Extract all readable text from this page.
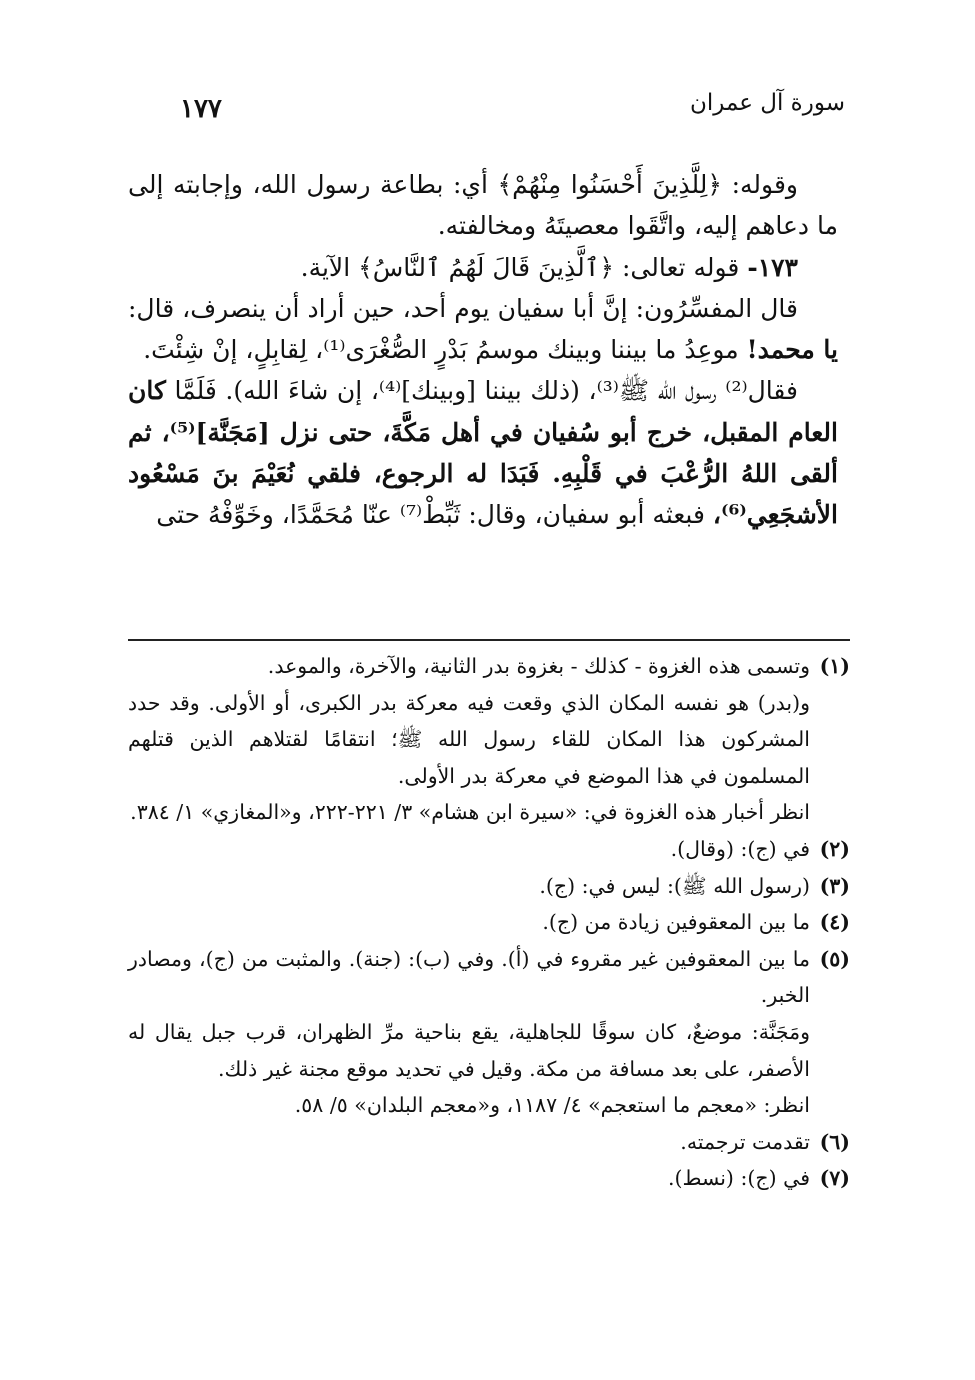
سورة آل عمران
١٧٧

وقوله: ﴿لِلَّذِينَ أَحْسَنُوا مِنْهُمْ﴾ أي: بطاعة رسول الله، وإجابته إلى ما دعاهم إليه، واتَّقَوا معصيتَهُ ومخالفته.

١٧٣- قوله تعالى: ﴿ٱلَّذِينَ قَالَ لَهُمُ ٱلنَّاسُ﴾ الآية.

قال المفسِّرُون: إنَّ أبا سفيان يوم أحد، حين أراد أن ينصرف، قال: يا محمد! موعِدُ ما بيننا وبينك موسمُ بَدْرٍ الصُّغْرَى⁽¹⁾، لِقابِلٍ، إنْ شِئْتَ.

فقال⁽²⁾ رسول الله ﷺ⁽³⁾، (ذلك بيننا [وبينك]⁽⁴⁾، إن شاءَ الله). فَلَمَّا كان العام المقبل، خرج أبو سُفيان في أهل مَكَّةَ، حتى نزل [مَجَنَّة]⁽⁵⁾، ثم ألقى اللهُ الرُّعْبَ في قَلْبِهِ. فَبَدَا له الرجوع، فلقي نُعَيْمَ بنَ مَسْعُود الأشجَعِي⁽⁶⁾، فبعثه أبو سفيان، وقال: ثَبِّطْ⁽⁷⁾ عنّا مُحَمَّدًا، وخَوِّفْهُ حتى

(١)
وتسمى هذه الغزوة - كذلك - بغزوة بدر الثانية، والآخرة، والموعد.
و(بدر) هو نفسه المكان الذي وقعت فيه معركة بدر الكبرى، أو الأولى. وقد حدد المشركون هذا المكان للقاء رسول الله ﷺ؛ انتقامًا لقتلاهم الذين قتلهم المسلمون في هذا الموضع في معركة بدر الأولى.
انظر أخبار هذه الغزوة في: «سيرة ابن هشام» ٣/ ٢٢١-٢٢٢، و«المغازي» ١/ ٣٨٤.
(٢)
في (ج): (وقال).
(٣)
(رسول الله ﷺ): ليس في: (ج).
(٤)
ما بين المعقوفين زيادة من (ج).
(٥)
ما بين المعقوفين غير مقروء في (أ). وفي (ب): (جنة). والمثبت من (ج)، ومصادر الخبر.
ومَجَنَّة: موضعٌ، كان سوقًا للجاهلية، يقع بناحية مرِّ الظهران، قرب جبل يقال له الأصفر، على بعد مسافة من مكة. وقيل في تحديد موقع مجنة غير ذلك.
انظر: «معجم ما استعجم» ٤/ ١١٨٧، و«معجم البلدان» ٥/ ٥٨.
(٦)
تقدمت ترجمته.
(٧)
في (ج): (نسط).
